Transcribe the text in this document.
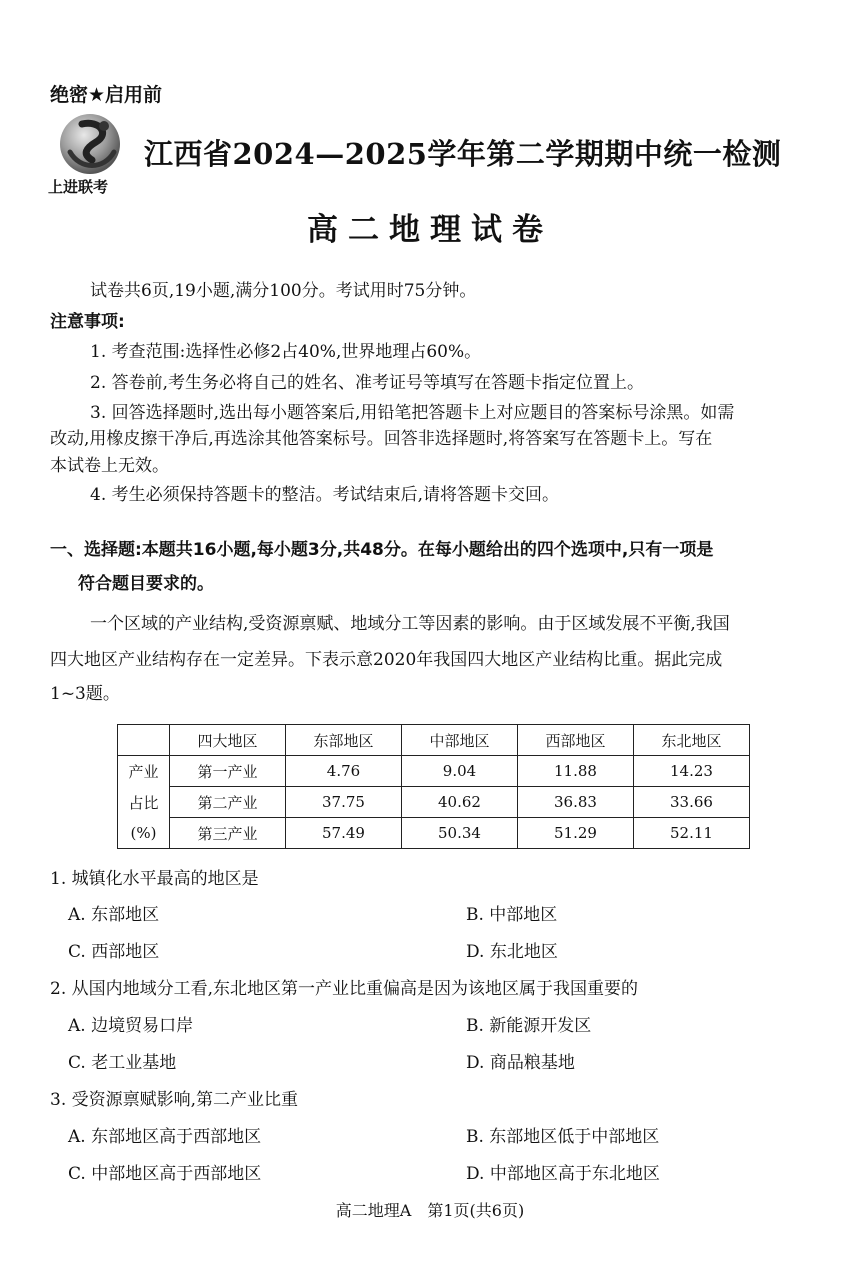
绝密★启用前
上进联考
江西省2024—2025学年第二学期期中统一检测
高二地理试卷
试卷共6页,19小题,满分100分。考试用时75分钟。
注意事项:
1. 考查范围:选择性必修2占40%,世界地理占60%。
2. 答卷前,考生务必将自己的姓名、准考证号等填写在答题卡指定位置上。
3. 回答选择题时,选出每小题答案后,用铅笔把答题卡上对应题目的答案标号涂黑。如需
改动,用橡皮擦干净后,再选涂其他答案标号。回答非选择题时,将答案写在答题卡上。写在
本试卷上无效。
4. 考生必须保持答题卡的整洁。考试结束后,请将答题卡交回。
一、选择题:本题共16小题,每小题3分,共48分。在每小题给出的四个选项中,只有一项是
符合题目要求的。
一个区域的产业结构,受资源禀赋、地域分工等因素的影响。由于区域发展不平衡,我国
四大地区产业结构存在一定差异。下表示意2020年我国四大地区产业结构比重。据此完成
1~3题。
	四大地区	东部地区	中部地区	西部地区	东北地区
产业	第一产业	4.76	9.04	11.88	14.23
占比	第二产业	37.75	40.62	36.83	33.66
(%)	第三产业	57.49	50.34	51.29	52.11
1. 城镇化水平最高的地区是
A. 东部地区	B. 中部地区
C. 西部地区	D. 东北地区
2. 从国内地域分工看,东北地区第一产业比重偏高是因为该地区属于我国重要的
A. 边境贸易口岸	B. 新能源开发区
C. 老工业基地	D. 商品粮基地
3. 受资源禀赋影响,第二产业比重
A. 东部地区高于西部地区	B. 东部地区低于中部地区
C. 中部地区高于西部地区	D. 中部地区高于东北地区
高二地理A　第1页(共6页)
